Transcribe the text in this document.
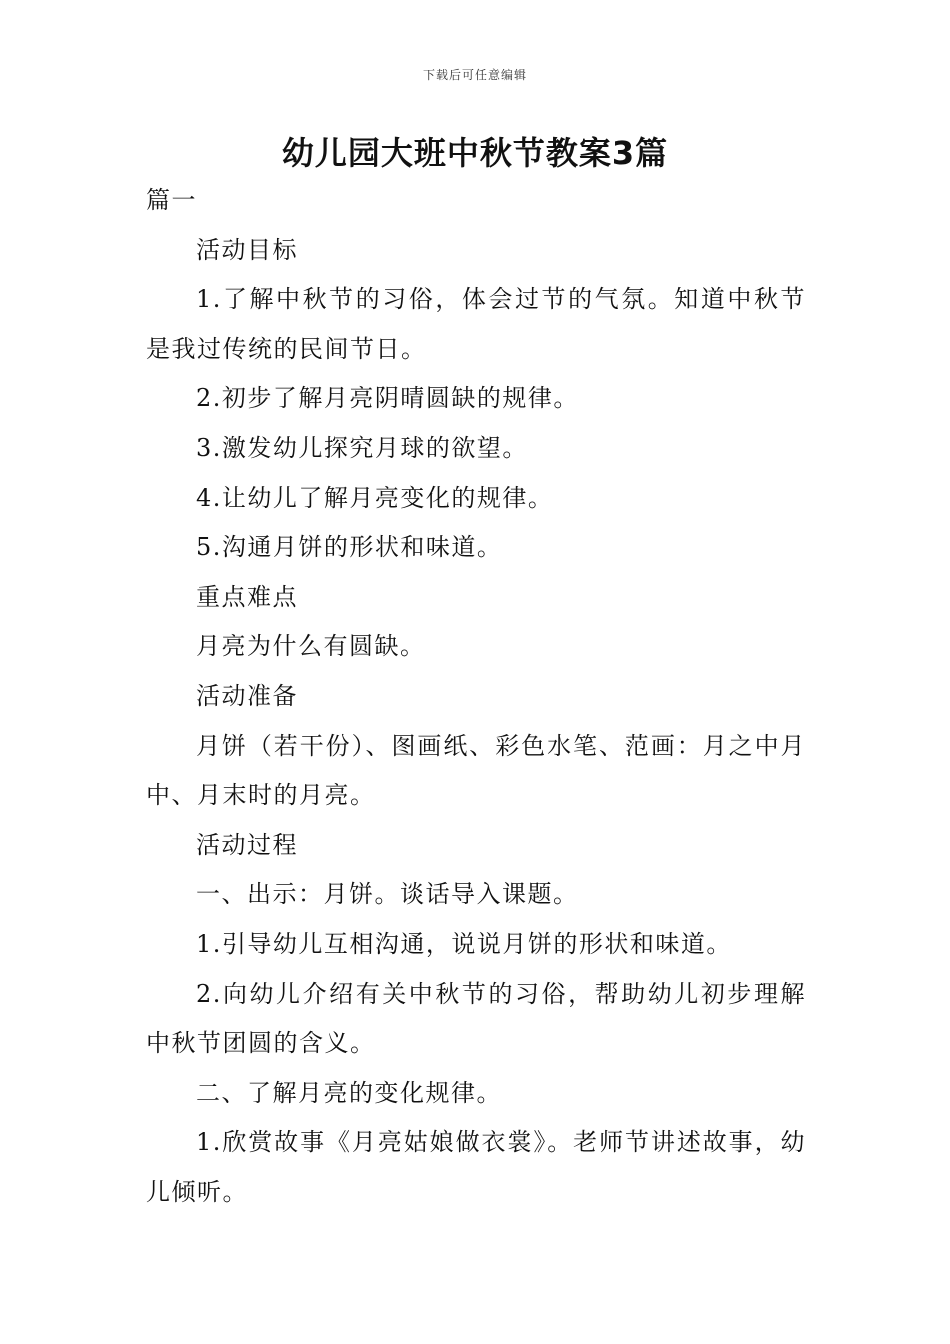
下载后可任意编辑
幼儿园大班中秋节教案3篇

篇一

活动目标

1.了解中秋节的习俗，体会过节的气氛。知道中秋节是我过传统的民间节日。

2.初步了解月亮阴晴圆缺的规律。

3.激发幼儿探究月球的欲望。

4.让幼儿了解月亮变化的规律。

5.沟通月饼的形状和味道。

重点难点

月亮为什么有圆缺。

活动准备

月饼（若干份）、图画纸、彩色水笔、范画：月之中月中、月末时的月亮。

活动过程

一、出示：月饼。谈话导入课题。

1.引导幼儿互相沟通，说说月饼的形状和味道。

2.向幼儿介绍有关中秋节的习俗，帮助幼儿初步理解中秋节团圆的含义。

二、了解月亮的变化规律。

1.欣赏故事《月亮姑娘做衣裳》。老师节讲述故事，幼儿倾听。
